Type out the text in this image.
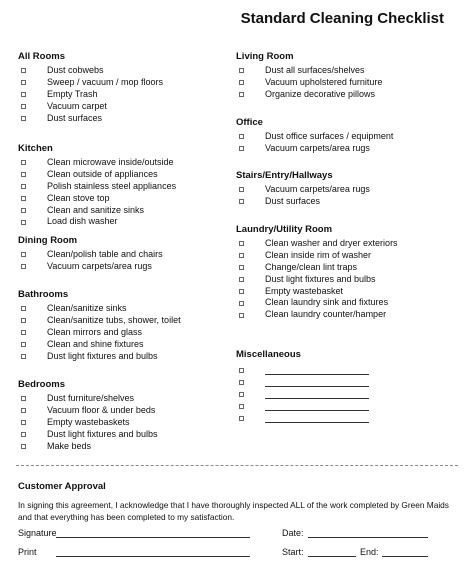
Standard Cleaning Checklist
All Rooms
Dust cobwebs
Sweep / vacuum / mop floors
Empty Trash
Vacuum carpet
Dust surfaces
Kitchen
Clean microwave inside/outside
Clean outside of appliances
Polish stainless steel appliances
Clean stove top
Clean and sanitize sinks
Load dish washer
Dining Room
Clean/polish table and chairs
Vacuum carpets/area rugs
Bathrooms
Clean/sanitize sinks
Clean/sanitize tubs, shower, toilet
Clean mirrors and glass
Clean and shine fixtures
Dust light fixtures and bulbs
Bedrooms
Dust furniture/shelves
Vacuum floor & under beds
Empty wastebaskets
Dust light fixtures and bulbs
Make beds
Living Room
Dust all surfaces/shelves
Vacuum upholstered furniture
Organize decorative pillows
Office
Dust office surfaces / equipment
Vacuum carpets/area rugs
Stairs/Entry/Hallways
Vacuum carpets/area rugs
Dust surfaces
Laundry/Utility Room
Clean washer and dryer exteriors
Clean inside rim of washer
Change/clean lint traps
Dust light fixtures and bulbs
Empty wastebasket
Clean laundry sink and fixtures
Clean laundry counter/hamper
Miscellaneous
Customer Approval
In signing this agreement, I acknowledge that I have thoroughly inspected ALL of the work completed by Green Maids and that everything has been completed to my satisfaction.
Signature	Date:
Print	Start:	End:
